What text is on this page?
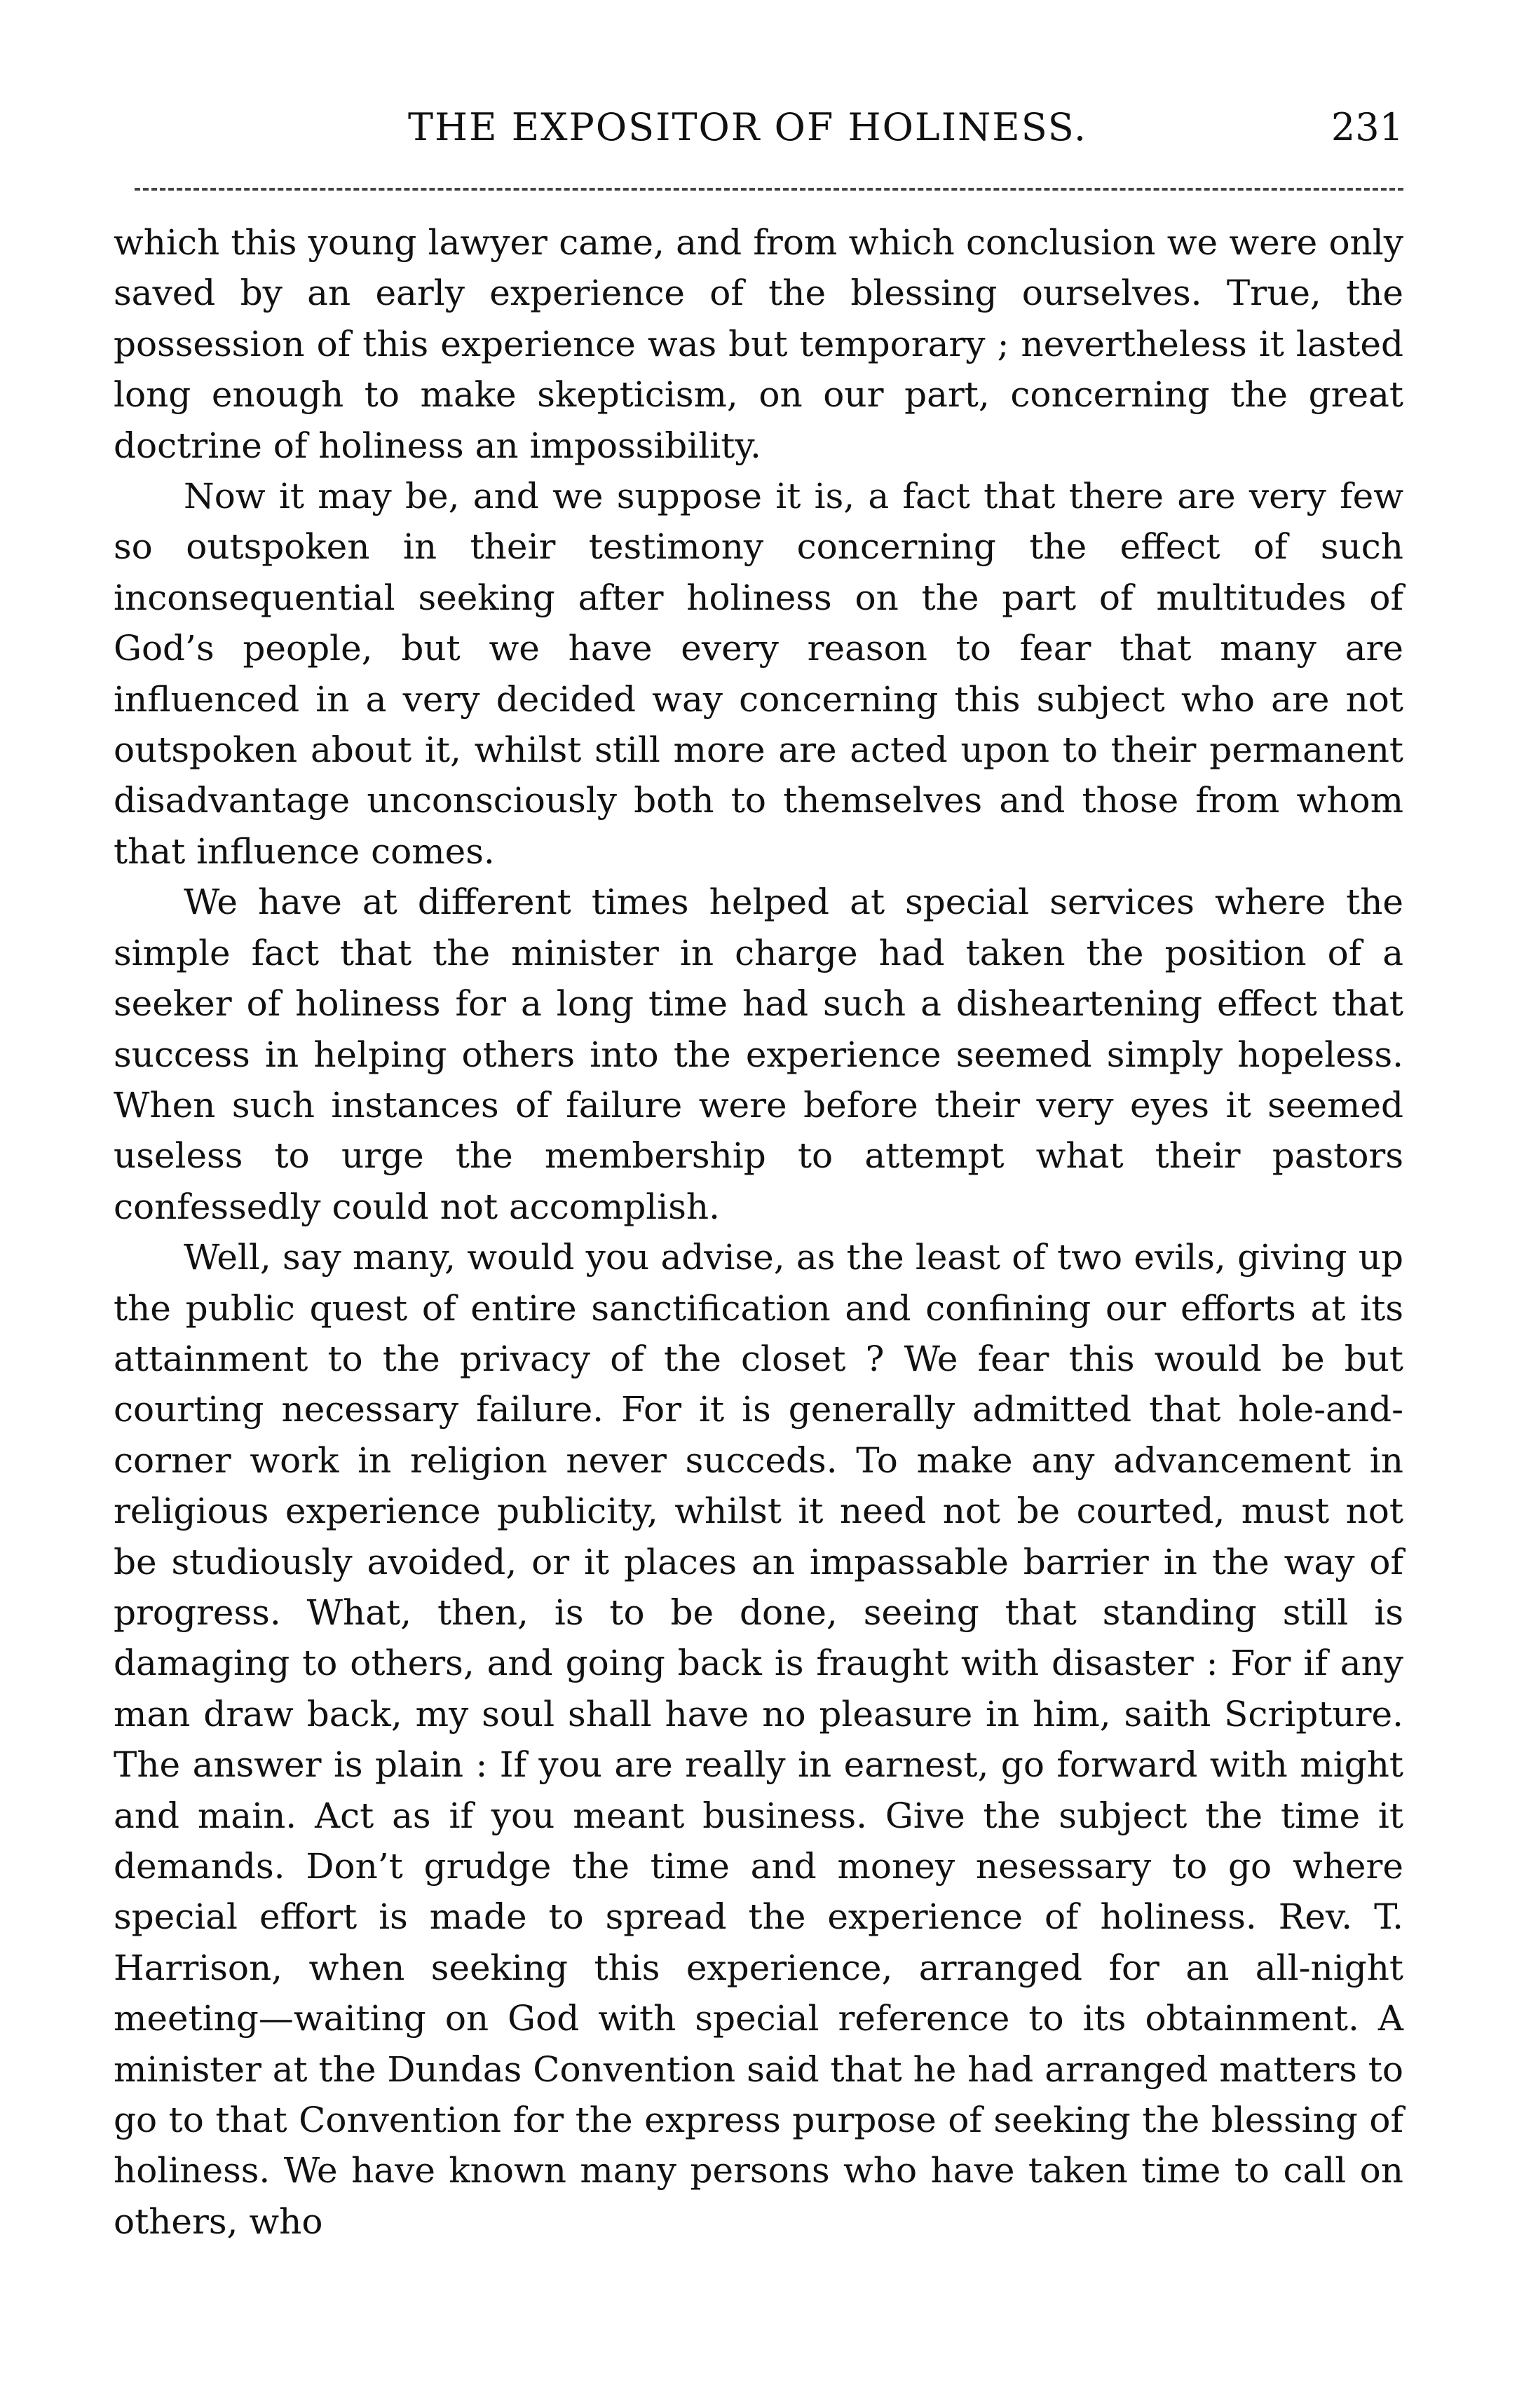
THE EXPOSITOR OF HOLINESS.	231

which this young lawyer came, and from which conclusion we were only saved by an early experience of the blessing ourselves. True, the possession of this experience was but temporary ; nevertheless it lasted long enough to make skepticism, on our part, concerning the great doctrine of holiness an impossibility.

Now it may be, and we suppose it is, a fact that there are very few so outspoken in their testimony concerning the effect of such inconsequential seeking after holiness on the part of multitudes of God’s people, but we have every reason to fear that many are influenced in a very decided way concerning this subject who are not outspoken about it, whilst still more are acted upon to their permanent disadvantage unconsciously both to themselves and those from whom that influence comes.

We have at different times helped at special services where the simple fact that the minister in charge had taken the position of a seeker of holiness for a long time had such a disheartening effect that success in helping others into the experience seemed simply hopeless. When such instances of failure were before their very eyes it seemed useless to urge the membership to attempt what their pastors confessedly could not accomplish.

Well, say many, would you advise, as the least of two evils, giving up the public quest of entire sanctification and confining our efforts at its attainment to the privacy of the closet ? We fear this would be but courting necessary failure. For it is generally admitted that hole-and-corner work in religion never succeds. To make any advancement in religious experience publicity, whilst it need not be courted, must not be studiously avoided, or it places an impassable barrier in the way of progress. What, then, is to be done, seeing that standing still is damaging to others, and going back is fraught with disaster : For if any man draw back, my soul shall have no pleasure in him, saith Scripture. The answer is plain : If you are really in earnest, go forward with might and main. Act as if you meant business. Give the subject the time it demands. Don’t grudge the time and money nesessary to go where special effort is made to spread the experience of holiness. Rev. T. Harrison, when seeking this experience, arranged for an all-night meeting—waiting on God with special reference to its obtainment. A minister at the Dundas Convention said that he had arranged matters to go to that Convention for the express purpose of seeking the blessing of holiness. We have known many persons who have taken time to call on others, who
